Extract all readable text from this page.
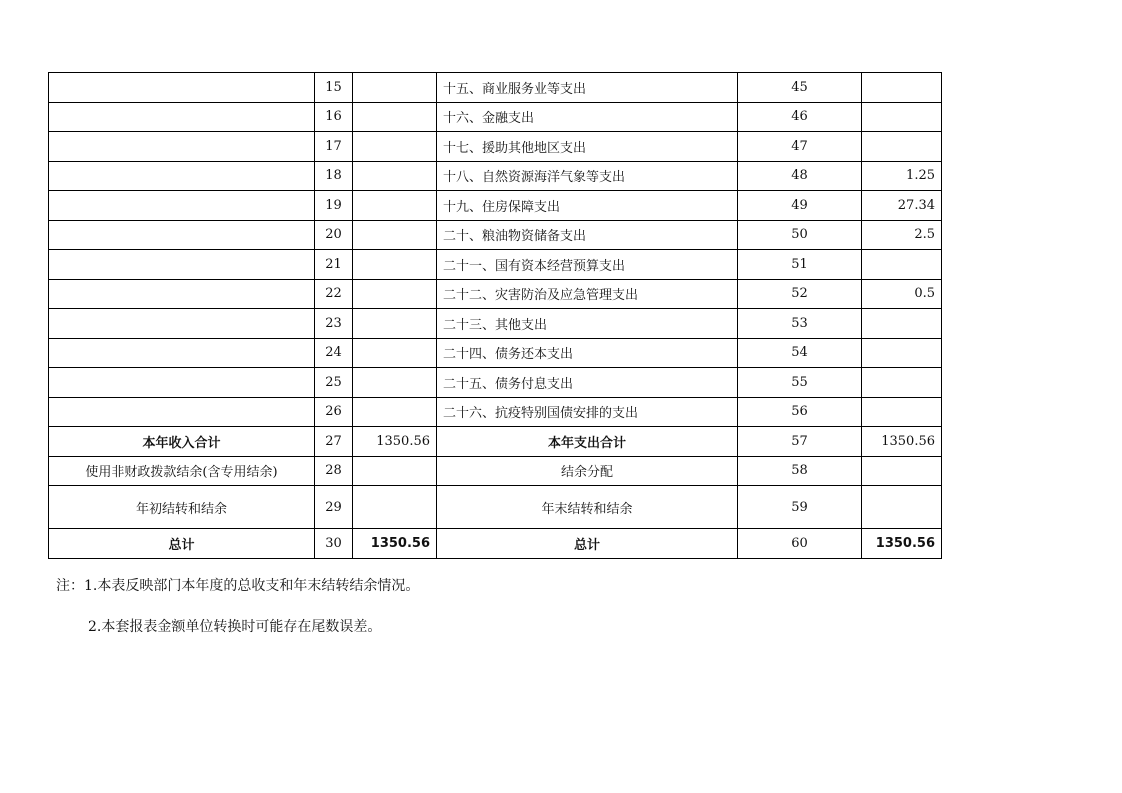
	15		十五、商业服务业等支出	45	
	16		十六、金融支出	46	
	17		十七、援助其他地区支出	47	
	18		十八、自然资源海洋气象等支出	48	1.25
	19		十九、住房保障支出	49	27.34
	20		二十、粮油物资储备支出	50	2.5
	21		二十一、国有资本经营预算支出	51	
	22		二十二、灾害防治及应急管理支出	52	0.5
	23		二十三、其他支出	53	
	24		二十四、债务还本支出	54	
	25		二十五、债务付息支出	55	
	26		二十六、抗疫特别国债安排的支出	56	
本年收入合计	27	1350.56	本年支出合计	57	1350.56
使用非财政拨款结余(含专用结余)	28		结余分配	58	
年初结转和结余	29		年末结转和结余	59	
总计	30	1350.56	总计	60	1350.56

注：1.本表反映部门本年度的总收支和年末结转结余情况。

2.本套报表金额单位转换时可能存在尾数误差。
